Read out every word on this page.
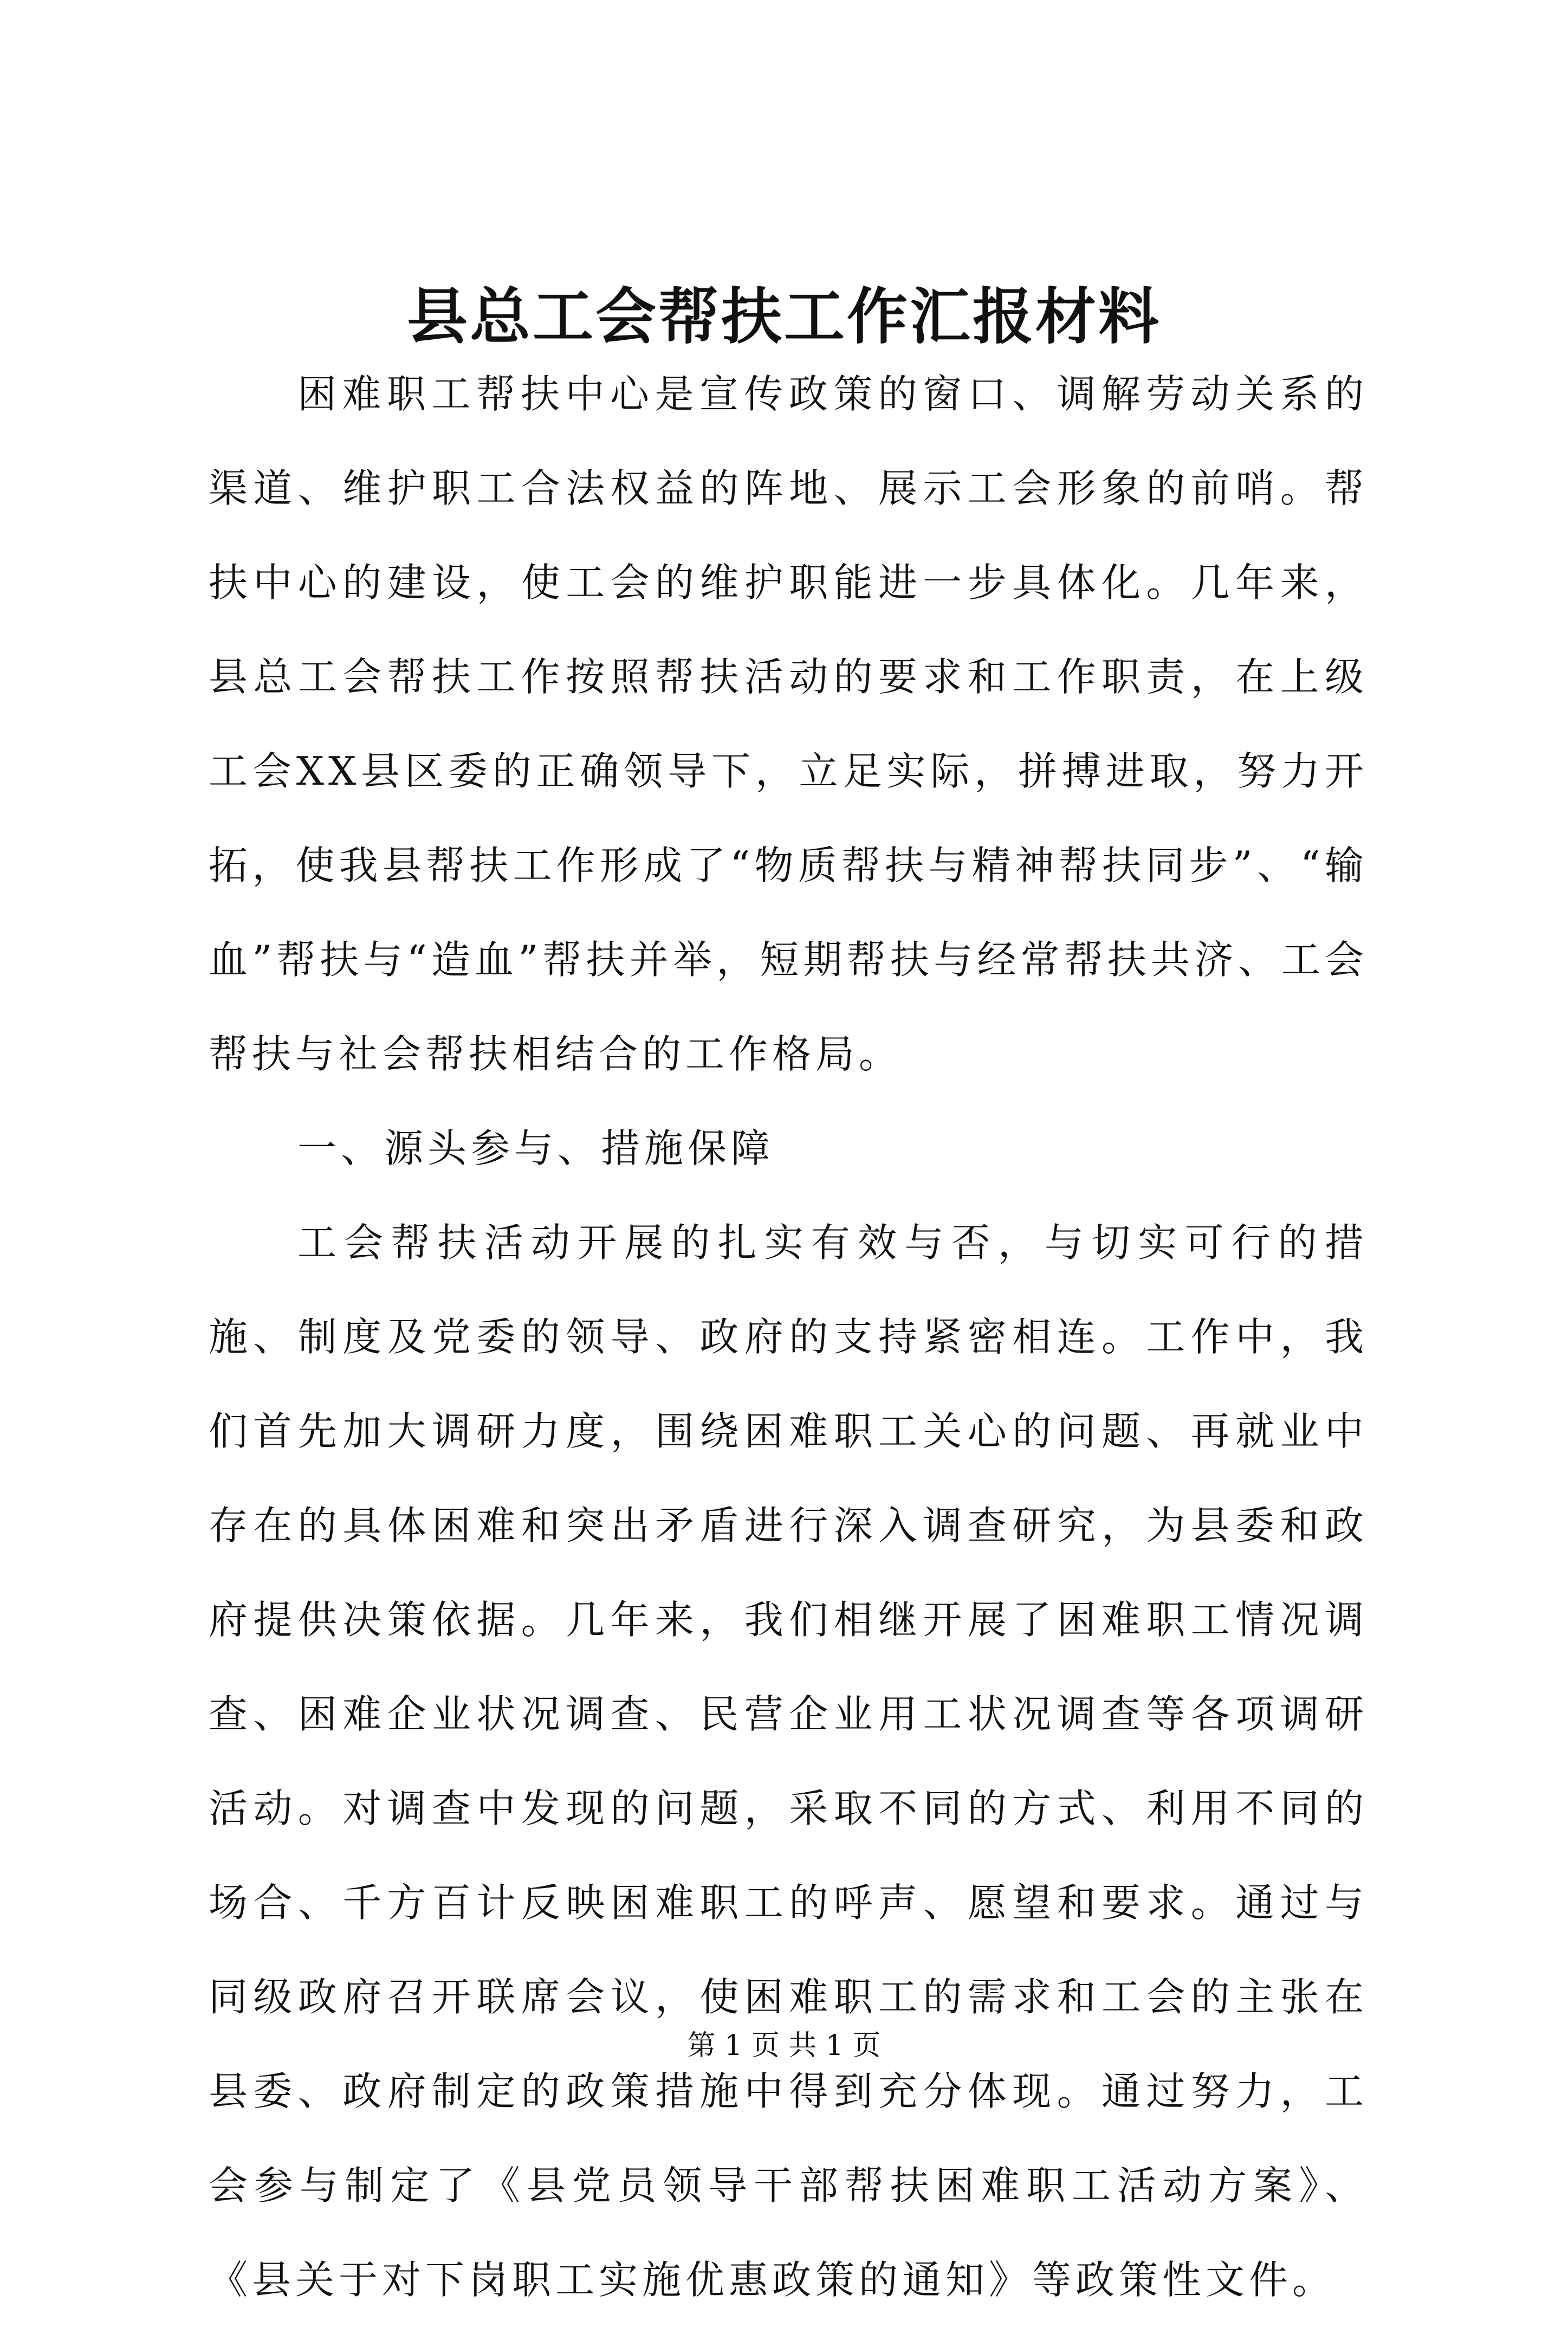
县总工会帮扶工作汇报材料

困难职工帮扶中心是宣传政策的窗口、调解劳动关系的渠道、维护职工合法权益的阵地、展示工会形象的前哨。帮扶中心的建设，使工会的维护职能进一步具体化。几年来，县总工会帮扶工作按照帮扶活动的要求和工作职责，在上级工会XX县区委的正确领导下，立足实际，拼搏进取，努力开拓，使我县帮扶工作形成了“物质帮扶与精神帮扶同步”、“输血”帮扶与“造血”帮扶并举，短期帮扶与经常帮扶共济、工会帮扶与社会帮扶相结合的工作格局。

一、源头参与、措施保障

工会帮扶活动开展的扎实有效与否，与切实可行的措施、制度及党委的领导、政府的支持紧密相连。工作中，我们首先加大调研力度，围绕困难职工关心的问题、再就业中存在的具体困难和突出矛盾进行深入调查研究，为县委和政府提供决策依据。几年来，我们相继开展了困难职工情况调查、困难企业状况调查、民营企业用工状况调查等各项调研活动。对调查中发现的问题，采取不同的方式、利用不同的场合、千方百计反映困难职工的呼声、愿望和要求。通过与同级政府召开联席会议，使困难职工的需求和工会的主张在县委、政府制定的政策措施中得到充分体现。通过努力，工会参与制定了《县党员领导干部帮扶困难职工活动方案》、《县关于对下岗职工实施优惠政策的通知》等政策性文件。

第 1 页 共 1 页
